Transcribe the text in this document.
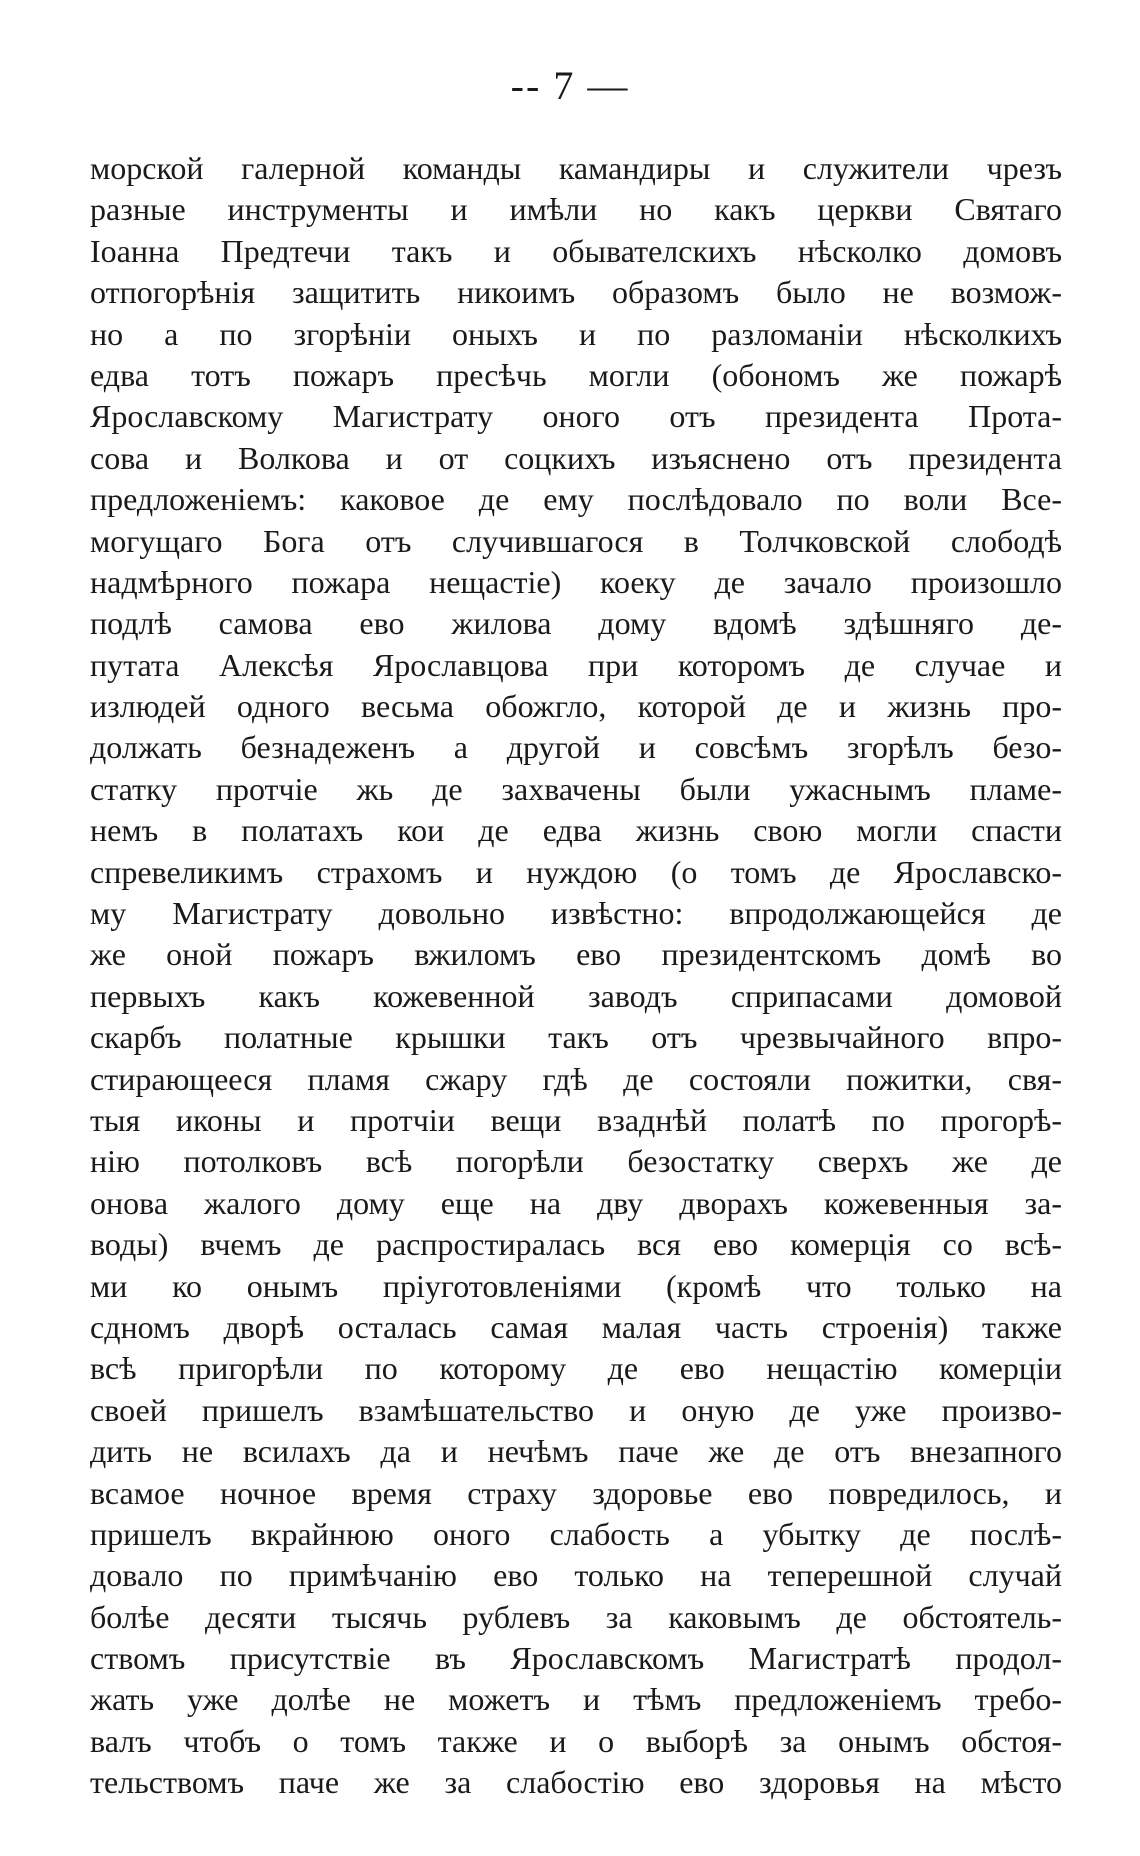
-- 7 —
морской галерной команды камандиры и служители чрезъ
разные инструменты и имѣли но какъ церкви Святаго
Іоанна Предтечи такъ и обывателскихъ нѣсколко домовъ
отпогорѣнія защитить никоимъ образомъ было не возмож-
но а по згорѣніи оныхъ и по разломаніи нѣсколкихъ
едва тотъ пожаръ пресѣчь могли (обономъ же пожарѣ
Ярославскому Магистрату оного отъ президента Прота-
сова и Волкова и от соцкихъ изъяснено отъ президента
предложеніемъ: каковое де ему послѣдовало по воли Все-
могущаго Бога отъ случившагося в Толчковской слободѣ
надмѣрного пожара нещастіе) коеку де зачало произошло
подлѣ самова ево жилова дому вдомѣ здѣшняго де-
путата Алексѣя Ярославцова при которомъ де случае и
излюдей одного весьма обожгло, которой де и жизнь про-
должать безнадеженъ а другой и совсѣмъ згорѣлъ безо-
статку протчіе жь де захвачены были ужаснымъ пламе-
немъ в полатахъ кои де едва жизнь свою могли спасти
спревеликимъ страхомъ и нуждою (о томъ де Ярославско-
му Магистрату довольно извѣстно: впродолжающейся де
же оной пожаръ вжиломъ ево президентскомъ домѣ во
первыхъ какъ кожевенной заводъ сприпасами домовой
скарбъ полатные крышки такъ отъ чрезвычайного впро-
стирающееся пламя сжару гдѣ де состояли пожитки, свя-
тыя иконы и протчіи вещи взаднѣй полатѣ по прогорѣ-
нію потолковъ всѣ погорѣли безостатку сверхъ же де
онова жалого дому еще на дву дворахъ кожевенныя за-
воды) вчемъ де распростиралась вся ево комерція со всѣ-
ми ко онымъ пріуготовленіями (кромѣ что только на
сдномъ дворѣ осталась самая малая часть строенія) также
всѣ пригорѣли по которому де ево нещастію комерціи
своей пришелъ взамѣшательство и оную де уже произво-
дить не всилахъ да и нечѣмъ паче же де отъ внезапного
всамое ночное время страху здоровье ево повредилось, и
пришелъ вкрайнюю оного слабость а убытку де послѣ-
довало по примѣчанію ево только на теперешной случай
болѣе десяти тысячь рублевъ за каковымъ де обстоятель-
ствомъ присутствіе въ Ярославскомъ Магистратѣ продол-
жать уже долѣе не можетъ и тѣмъ предложеніемъ требо-
валъ чтобъ о томъ также и о выборѣ за онымъ обстоя-
тельствомъ паче же за слабостію ево здоровья на мѣсто
